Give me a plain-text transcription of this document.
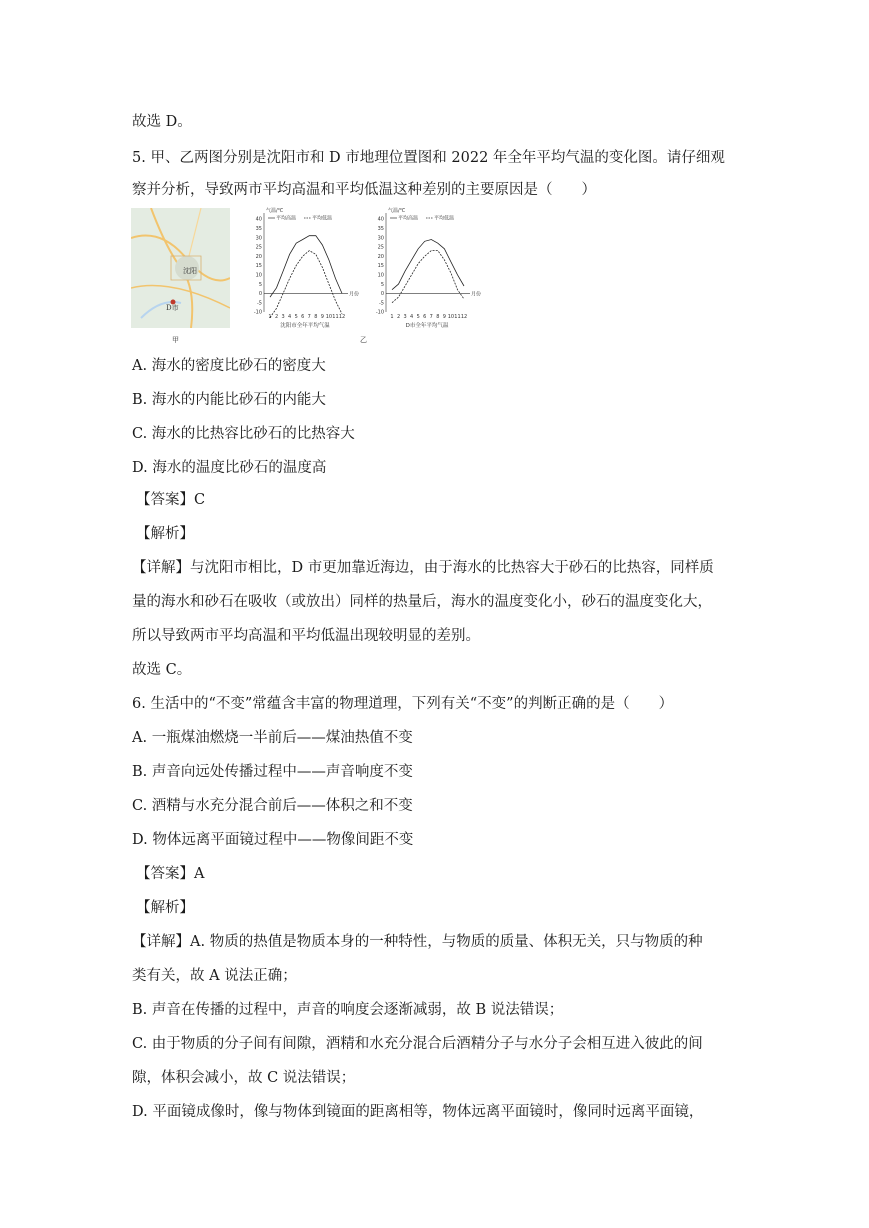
故选 D。
5. 甲、乙两图分别是沈阳市和 D 市地理位置图和 2022 年全年平均气温的变化图。请仔细观
察并分析，导致两市平均高温和平均低温这种差别的主要原因是（　　）
沈阳
D市
甲	乙
气温/℃
40
35
30
25
20
15
10
5
0
-5
-10
1 2 3 4 5 6 7 8 9 10 11 12
月份
平均高温	平均低温
沈阳市全年平均气温
气温/℃
40
35
30
25
20
15
10
5
0
-5
-10
1 2 3 4 5 6 7 8 9 10 11 12
月份
平均高温	平均低温
D市全年平均气温
A. 海水的密度比砂石的密度大
B. 海水的内能比砂石的内能大
C. 海水的比热容比砂石的比热容大
D. 海水的温度比砂石的温度高
【答案】C
【解析】
【详解】与沈阳市相比，D 市更加靠近海边，由于海水的比热容大于砂石的比热容，同样质
量的海水和砂石在吸收（或放出）同样的热量后，海水的温度变化小，砂石的温度变化大，
所以导致两市平均高温和平均低温出现较明显的差别。
故选 C。
6. 生活中的“不变”常蕴含丰富的物理道理，下列有关“不变”的判断正确的是（　　）
A. 一瓶煤油燃烧一半前后——煤油热值不变
B. 声音向远处传播过程中——声音响度不变
C. 酒精与水充分混合前后——体积之和不变
D. 物体远离平面镜过程中——物像间距不变
【答案】A
【解析】
【详解】A. 物质的热值是物质本身的一种特性，与物质的质量、体积无关，只与物质的种
类有关，故 A 说法正确；
B. 声音在传播的过程中，声音的响度会逐渐减弱，故 B 说法错误；
C. 由于物质的分子间有间隙，酒精和水充分混合后酒精分子与水分子会相互进入彼此的间
隙，体积会减小，故 C 说法错误；
D. 平面镜成像时，像与物体到镜面的距离相等，物体远离平面镜时，像同时远离平面镜，
